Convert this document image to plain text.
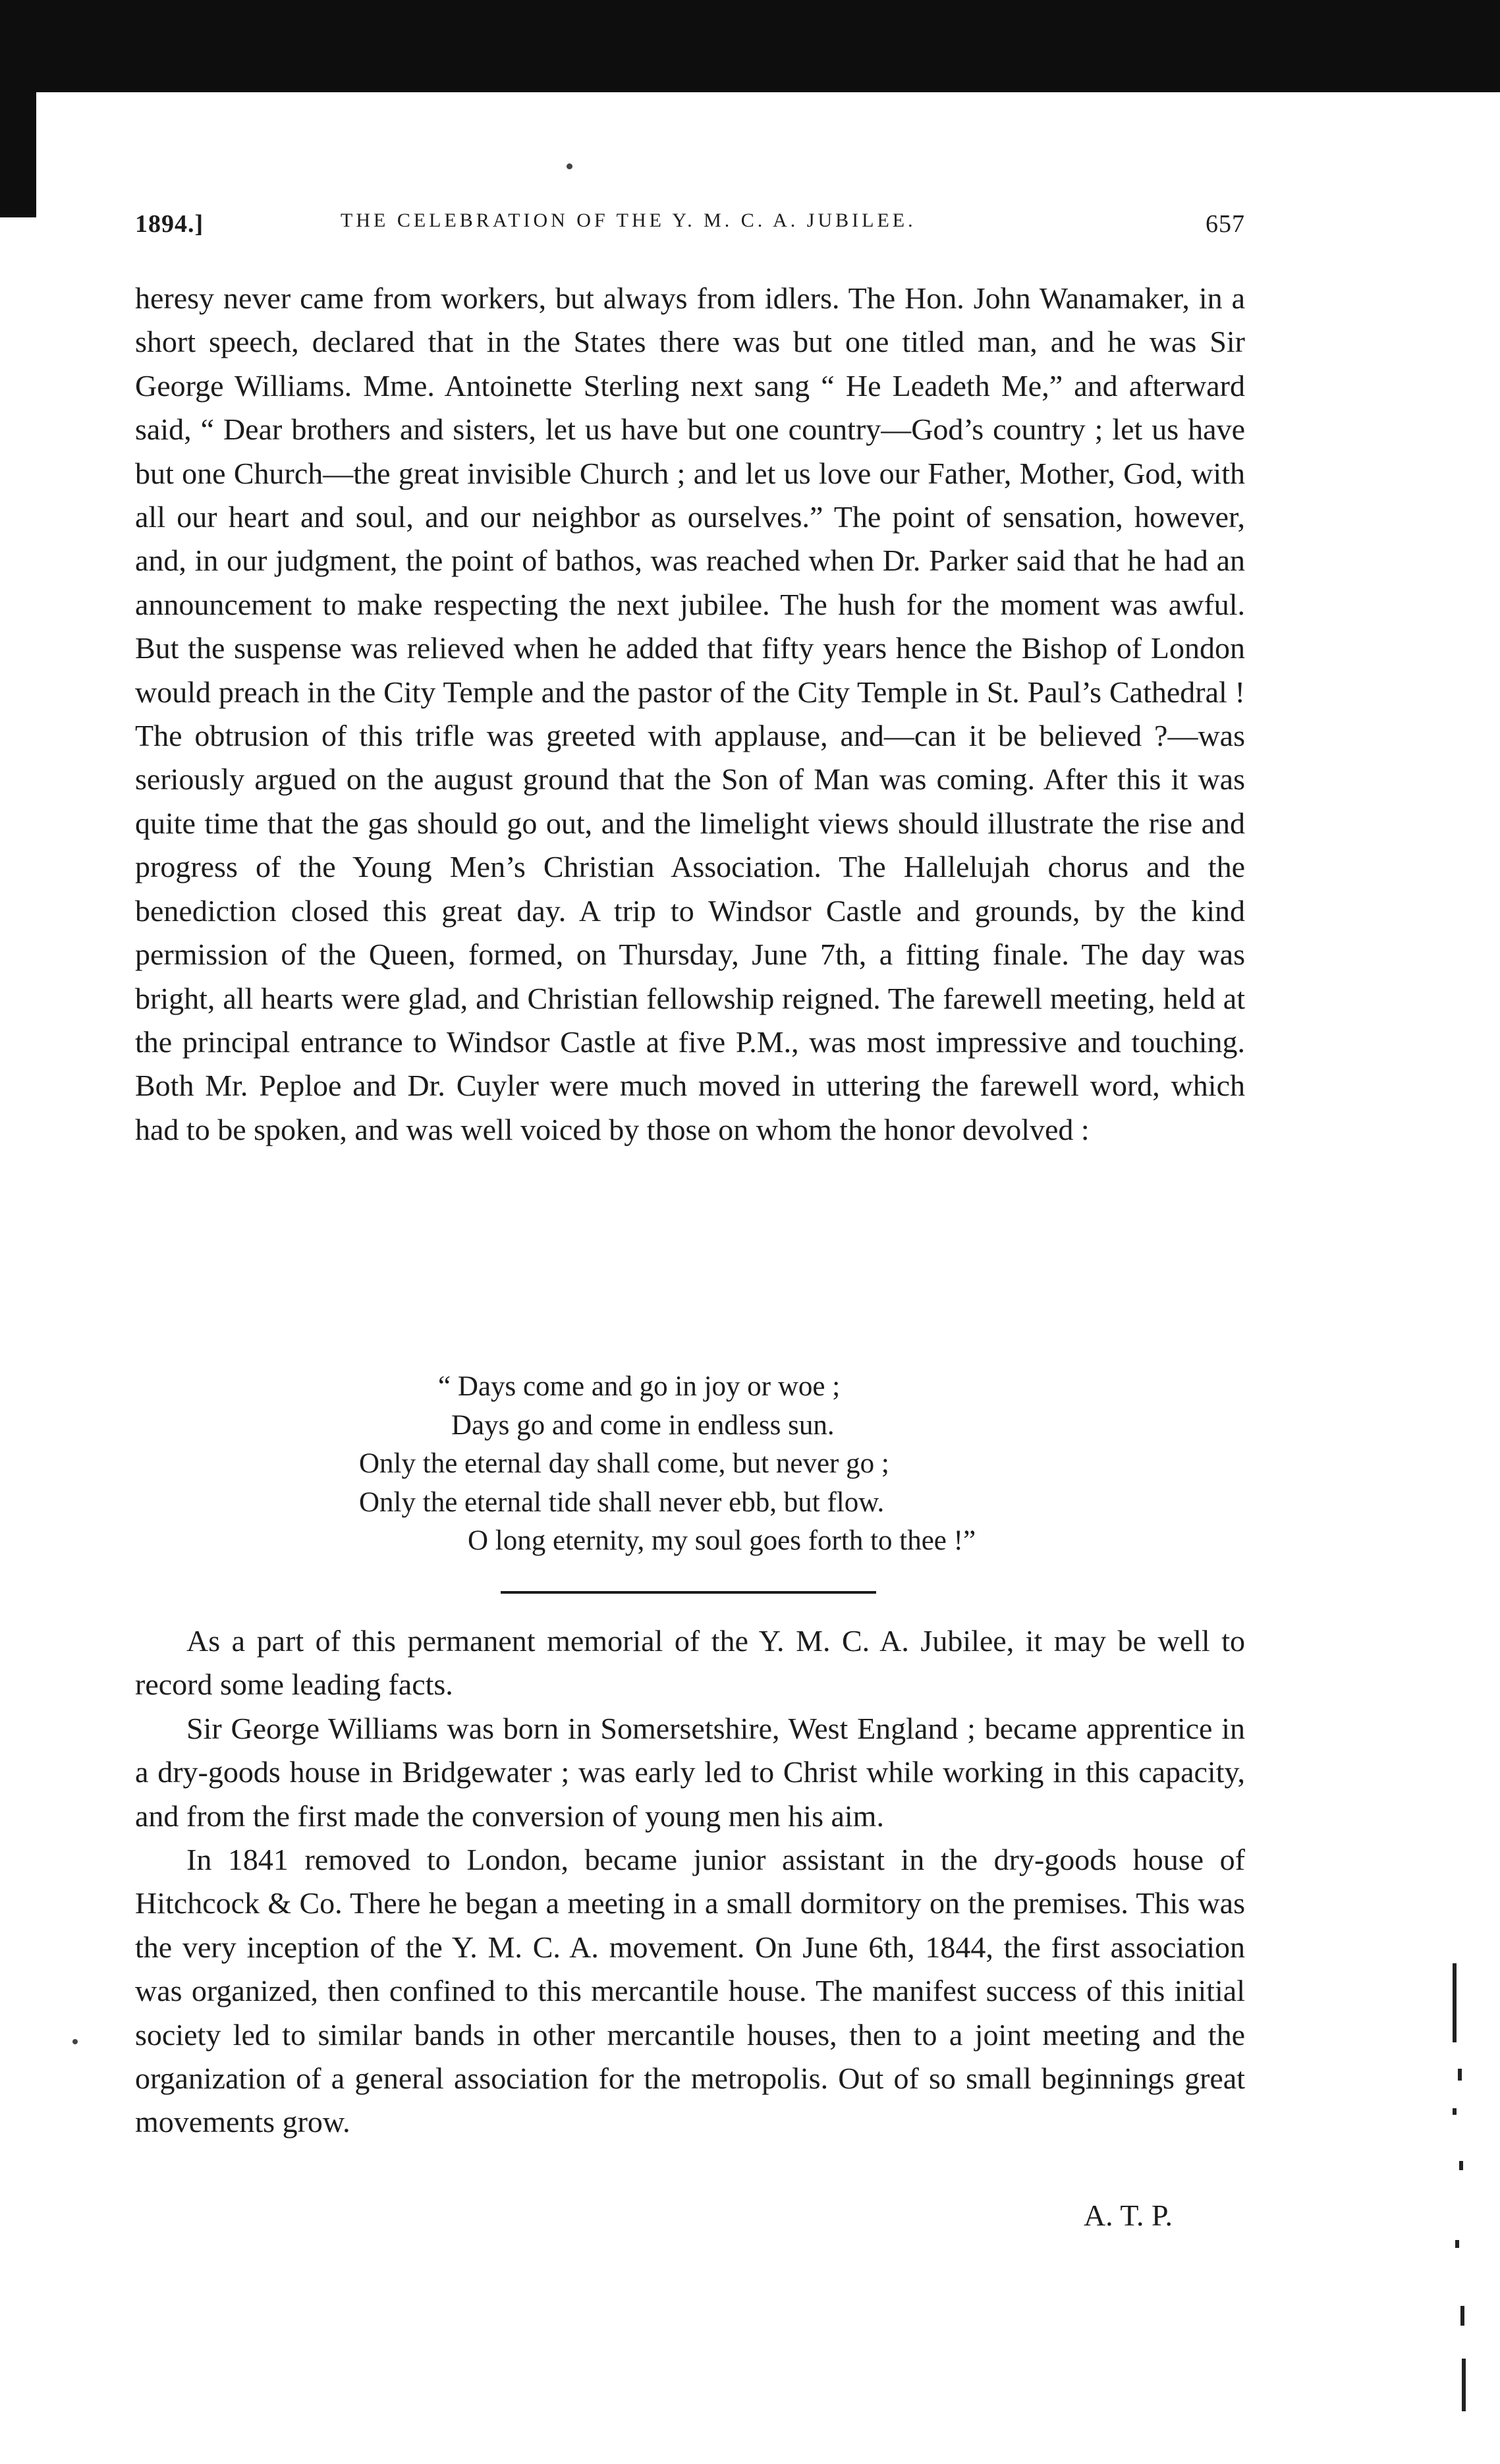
1894.]	THE CELEBRATION OF THE Y. M. C. A. JUBILEE.	657

heresy never came from workers, but always from idlers. The Hon. John Wanamaker, in a short speech, declared that in the States there was but one titled man, and he was Sir George Williams. Mme. Antoinette Sterling next sang “ He Leadeth Me,” and afterward said, “ Dear brothers and sisters, let us have but one country—God’s country ; let us have but one Church—the great invisible Church ; and let us love our Father, Mother, God, with all our heart and soul, and our neighbor as ourselves.” The point of sensation, however, and, in our judgment, the point of bathos, was reached when Dr. Parker said that he had an announcement to make respecting the next jubilee. The hush for the moment was awful. But the suspense was relieved when he added that fifty years hence the Bishop of London would preach in the City Temple and the pastor of the City Temple in St. Paul’s Cathedral ! The obtrusion of this trifle was greeted with applause, and—can it be believed ?—was seriously argued on the august ground that the Son of Man was coming. After this it was quite time that the gas should go out, and the limelight views should illustrate the rise and progress of the Young Men’s Christian Association. The Hallelujah chorus and the benediction closed this great day. A trip to Windsor Castle and grounds, by the kind permission of the Queen, formed, on Thursday, June 7th, a fitting finale. The day was bright, all hearts were glad, and Christian fellowship reigned. The farewell meeting, held at the principal entrance to Windsor Castle at five P.M., was most impressive and touching. Both Mr. Peploe and Dr. Cuyler were much moved in uttering the farewell word, which had to be spoken, and was well voiced by those on whom the honor devolved :

“ Days come and go in joy or woe ;

Days go and come in endless sun.

Only the eternal day shall come, but never go ;

Only the eternal tide shall never ebb, but flow.

O long eternity, my soul goes forth to thee !”

As a part of this permanent memorial of the Y. M. C. A. Jubilee, it may be well to record some leading facts.

Sir George Williams was born in Somersetshire, West England ; became apprentice in a dry-goods house in Bridgewater ; was early led to Christ while working in this capacity, and from the first made the conversion of young men his aim.

In 1841 removed to London, became junior assistant in the dry-goods house of Hitchcock & Co. There he began a meeting in a small dormitory on the premises. This was the very inception of the Y. M. C. A. movement. On June 6th, 1844, the first association was organized, then confined to this mercantile house. The manifest success of this initial society led to similar bands in other mercantile houses, then to a joint meeting and the organization of a general association for the metropolis. Out of so small beginnings great movements grow.

A. T. P.
